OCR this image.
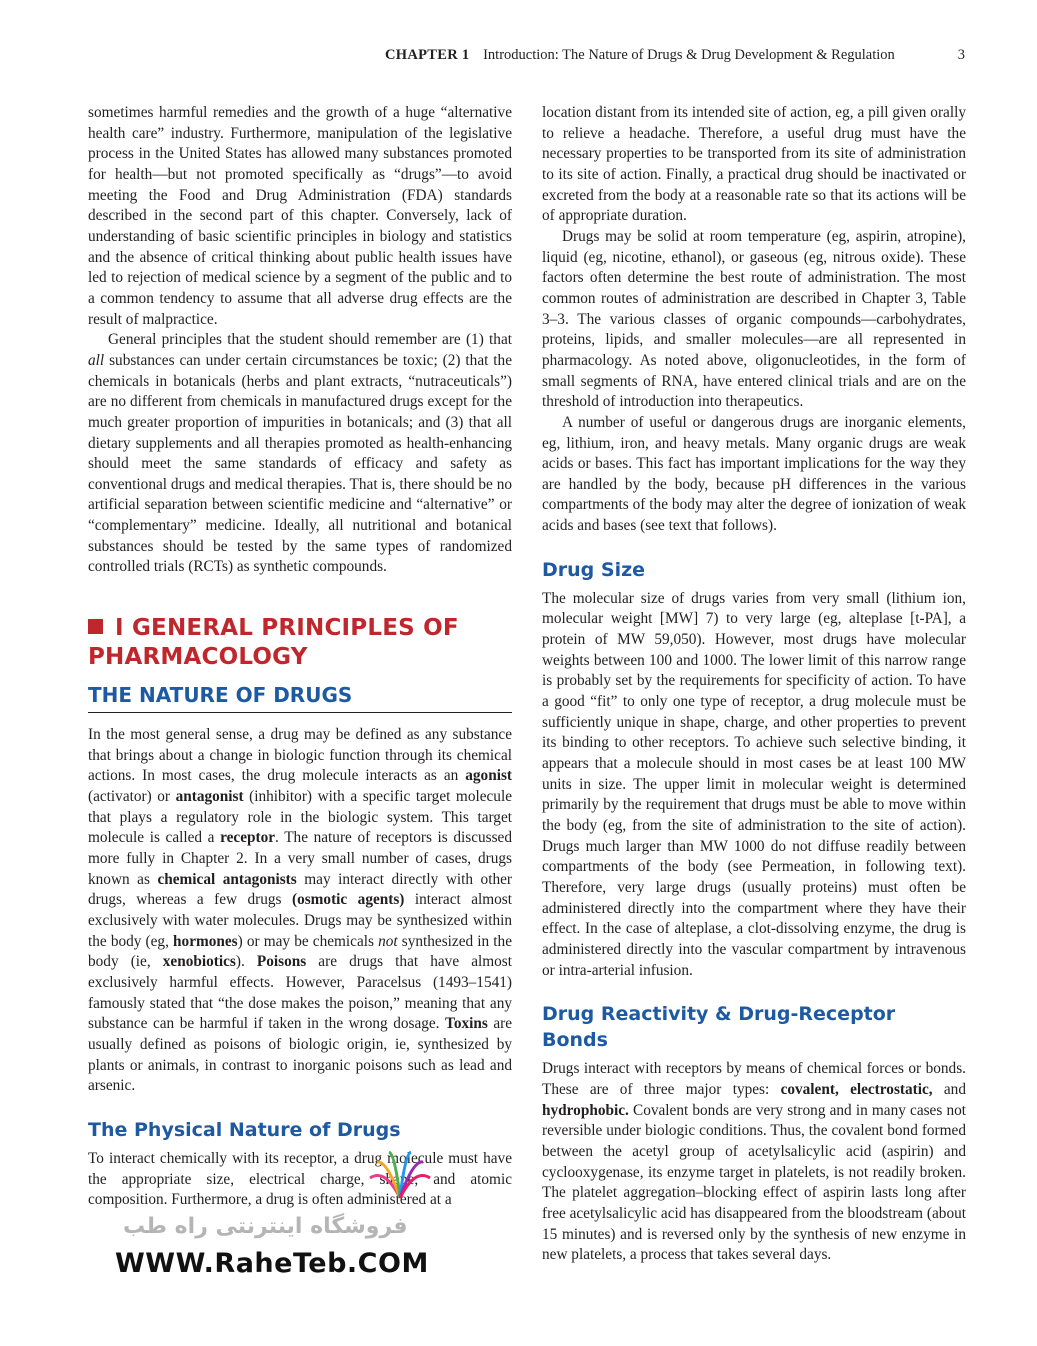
CHAPTER 1 Introduction: The Nature of Drugs & Drug Development & Regulation	3

sometimes harmful remedies and the growth of a huge “alternative health care” industry. Furthermore, manipulation of the legislative process in the United States has allowed many substances promoted for health—but not promoted specifically as “drugs”—to avoid meeting the Food and Drug Administration (FDA) standards described in the second part of this chapter. Conversely, lack of understanding of basic scientific principles in biology and statistics and the absence of critical thinking about public health issues have led to rejection of medical science by a segment of the public and to a common tendency to assume that all adverse drug effects are the result of malpractice.

General principles that the student should remember are (1) that all substances can under certain circumstances be toxic; (2) that the chemicals in botanicals (herbs and plant extracts, “nutraceuticals”) are no different from chemicals in manufactured drugs except for the much greater proportion of impurities in botanicals; and (3) that all dietary supplements and all therapies promoted as health-enhancing should meet the same standards of efficacy and safety as conventional drugs and medical therapies. That is, there should be no artificial separation between scientific medicine and “alternative” or “complementary” medicine. Ideally, all nutritional and botanical substances should be tested by the same types of randomized controlled trials (RCTs) as synthetic compounds.

I GENERAL PRINCIPLES OF
PHARMACOLOGY
THE NATURE OF DRUGS

In the most general sense, a drug may be defined as any substance that brings about a change in biologic function through its chemical actions. In most cases, the drug molecule interacts as an agonist (activator) or antagonist (inhibitor) with a specific target molecule that plays a regulatory role in the biologic system. This target molecule is called a receptor. The nature of receptors is discussed more fully in Chapter 2. In a very small number of cases, drugs known as chemical antagonists may interact directly with other drugs, whereas a few drugs (osmotic agents) interact almost exclusively with water molecules. Drugs may be synthesized within the body (eg, hormones) or may be chemicals not synthesized in the body (ie, xenobiotics). Poisons are drugs that have almost exclusively harmful effects. However, Paracelsus (1493–1541) famously stated that “the dose makes the poison,” meaning that any substance can be harmful if taken in the wrong dosage. Toxins are usually defined as poisons of biologic origin, ie, synthesized by plants or animals, in contrast to inorganic poisons such as lead and arsenic.

The Physical Nature of Drugs

To interact chemically with its receptor, a drug molecule must have the appropriate size, electrical charge, shape, and atomic composition. Furthermore, a drug is often administered at a

location distant from its intended site of action, eg, a pill given orally to relieve a headache. Therefore, a useful drug must have the necessary properties to be transported from its site of administration to its site of action. Finally, a practical drug should be inactivated or excreted from the body at a reasonable rate so that its actions will be of appropriate duration.

Drugs may be solid at room temperature (eg, aspirin, atropine), liquid (eg, nicotine, ethanol), or gaseous (eg, nitrous oxide). These factors often determine the best route of administration. The most common routes of administration are described in Chapter 3, Table 3–3. The various classes of organic compounds—carbohydrates, proteins, lipids, and smaller molecules—are all represented in pharmacology. As noted above, oligonucleotides, in the form of small segments of RNA, have entered clinical trials and are on the threshold of introduction into therapeutics.

A number of useful or dangerous drugs are inorganic elements, eg, lithium, iron, and heavy metals. Many organic drugs are weak acids or bases. This fact has important implications for the way they are handled by the body, because pH differences in the various compartments of the body may alter the degree of ionization of weak acids and bases (see text that follows).

Drug Size

The molecular size of drugs varies from very small (lithium ion, molecular weight [MW] 7) to very large (eg, alteplase [t-PA], a protein of MW 59,050). However, most drugs have molecular weights between 100 and 1000. The lower limit of this narrow range is probably set by the requirements for specificity of action. To have a good “fit” to only one type of receptor, a drug molecule must be sufficiently unique in shape, charge, and other properties to prevent its binding to other receptors. To achieve such selective binding, it appears that a molecule should in most cases be at least 100 MW units in size. The upper limit in molecular weight is determined primarily by the requirement that drugs must be able to move within the body (eg, from the site of administration to the site of action). Drugs much larger than MW 1000 do not diffuse readily between compartments of the body (see Permeation, in following text). Therefore, very large drugs (usually proteins) must often be administered directly into the compartment where they have their effect. In the case of alteplase, a clot-dissolving enzyme, the drug is administered directly into the vascular compartment by intravenous or intra-arterial infusion.

Drug Reactivity & Drug-Receptor Bonds

Drugs interact with receptors by means of chemical forces or bonds. These are of three major types: covalent, electrostatic, and hydrophobic. Covalent bonds are very strong and in many cases not reversible under biologic conditions. Thus, the covalent bond formed between the acetyl group of acetylsalicylic acid (aspirin) and cyclooxygenase, its enzyme target in platelets, is not readily broken. The platelet aggregation–blocking effect of aspirin lasts long after free acetylsalicylic acid has disappeared from the bloodstream (about 15 minutes) and is reversed only by the synthesis of new enzyme in new platelets, a process that takes several days.

فروشگاه اینترنتی راه طب
WWW.RaheTeb.COM
